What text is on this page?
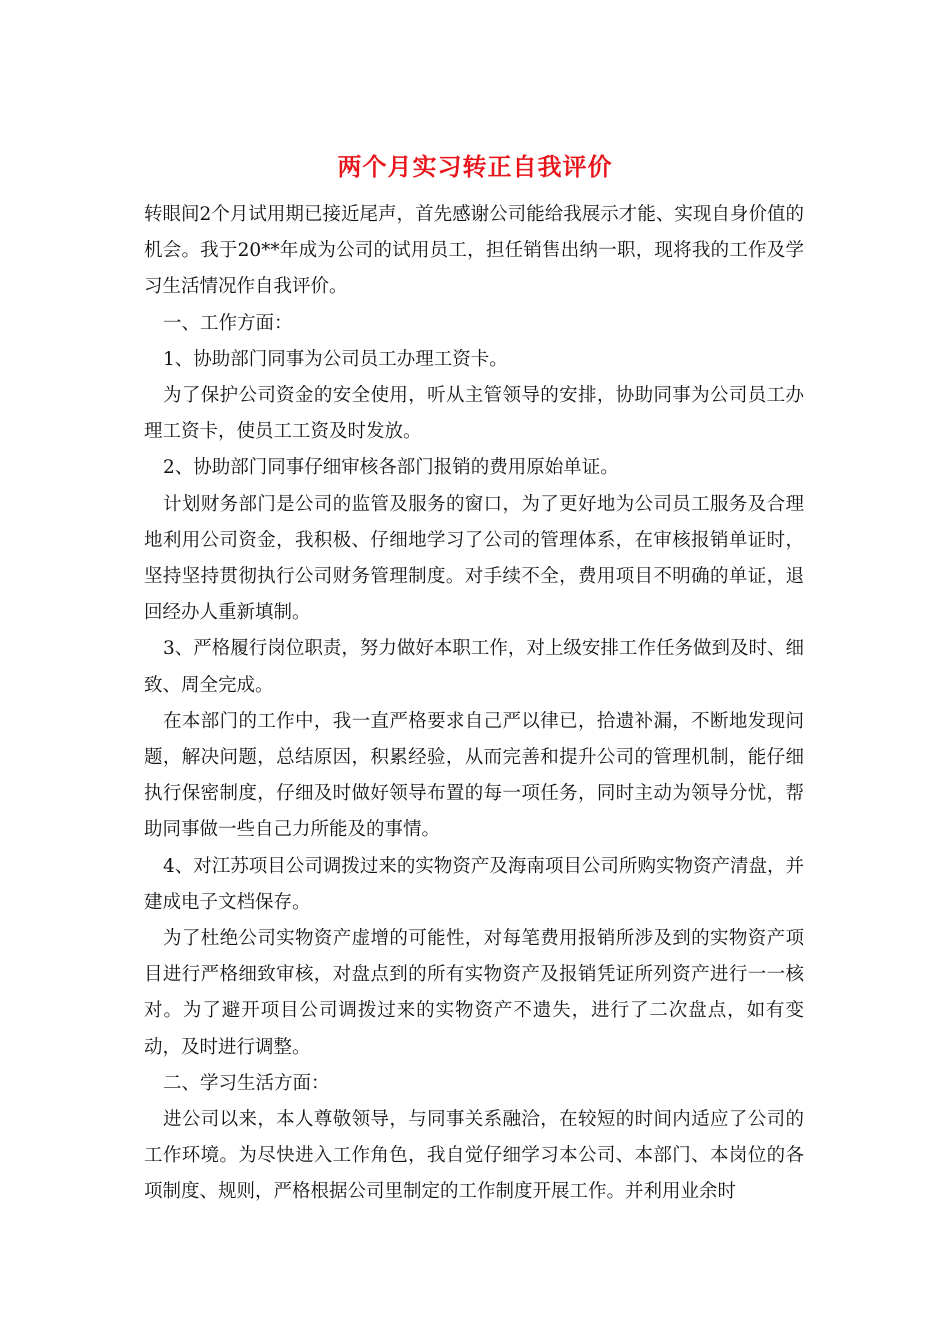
两个月实习转正自我评价

转眼间2个月试用期已接近尾声，首先感谢公司能给我展示才能、实现自身价值的机会。我于20**年成为公司的试用员工，担任销售出纳一职，现将我的工作及学习生活情况作自我评价。

一、工作方面：

1、协助部门同事为公司员工办理工资卡。

为了保护公司资金的安全使用，听从主管领导的安排，协助同事为公司员工办理工资卡，使员工工资及时发放。

2、协助部门同事仔细审核各部门报销的费用原始单证。

计划财务部门是公司的监管及服务的窗口，为了更好地为公司员工服务及合理地利用公司资金，我积极、仔细地学习了公司的管理体系，在审核报销单证时，坚持坚持贯彻执行公司财务管理制度。对手续不全，费用项目不明确的单证，退回经办人重新填制。

3、严格履行岗位职责，努力做好本职工作，对上级安排工作任务做到及时、细致、周全完成。

在本部门的工作中，我一直严格要求自己严以律已，拾遗补漏，不断地发现问题，解决问题，总结原因，积累经验，从而完善和提升公司的管理机制，能仔细执行保密制度，仔细及时做好领导布置的每一项任务，同时主动为领导分忧，帮助同事做一些自己力所能及的事情。

4、对江苏项目公司调拨过来的实物资产及海南项目公司所购实物资产清盘，并建成电子文档保存。

为了杜绝公司实物资产虚增的可能性，对每笔费用报销所涉及到的实物资产项目进行严格细致审核，对盘点到的所有实物资产及报销凭证所列资产进行一一核对。为了避开项目公司调拨过来的实物资产不遗失，进行了二次盘点，如有变动，及时进行调整。

二、学习生活方面：

进公司以来，本人尊敬领导，与同事关系融洽，在较短的时间内适应了公司的工作环境。为尽快进入工作角色，我自觉仔细学习本公司、本部门、本岗位的各项制度、规则，严格根据公司里制定的工作制度开展工作。并利用业余时
